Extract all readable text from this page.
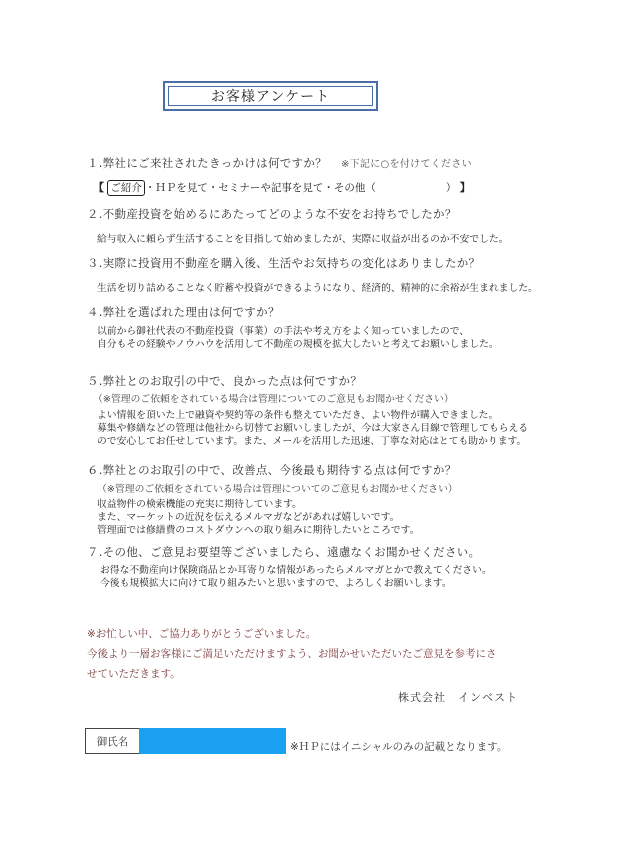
お客様アンケート
１.弊社にご来社されたきっかけは何ですか？ ※下記に○を付けてください
【 ご紹介 ・ＨＰを見て・セミナーや記事を見て・その他（	） 】
２.不動産投資を始めるにあたってどのような不安をお持ちでしたか？
給与収入に頼らず生活することを目指して始めましたが、実際に収益が出るのか不安でした。
３.実際に投資用不動産を購入後、生活やお気持ちの変化はありましたか？
生活を切り詰めることなく貯蓄や投資ができるようになり、経済的、精神的に余裕が生まれました。
４.弊社を選ばれた理由は何ですか？
以前から御社代表の不動産投資（事業）の手法や考え方をよく知っていましたので、
自分もその経験やノウハウを活用して不動産の規模を拡大したいと考えてお願いしました。
５.弊社とのお取引の中で、良かった点は何ですか？
（※管理のご依頼をされている場合は管理についてのご意見もお聞かせください）
よい情報を頂いた上で融資や契約等の条件も整えていただき、よい物件が購入できました。
募集や修繕などの管理は他社から切替てお願いしましたが、今は大家さん目線で管理してもらえる
ので安心してお任せしています。また、メールを活用した迅速、丁寧な対応はとても助かります。
６.弊社とのお取引の中で、改善点、今後最も期待する点は何ですか？
（※管理のご依頼をされている場合は管理についてのご意見もお聞かせください）
収益物件の検索機能の充実に期待しています。
また、マーケットの近況を伝えるメルマガなどがあれば嬉しいです。
管理面では修繕費のコストダウンへの取り組みに期待したいところです。
７.その他、ご意見お要望等ございましたら、遠慮なくお聞かせください。
お得な不動産向け保険商品とか耳寄りな情報があったらメルマガとかで教えてください。
今後も規模拡大に向けて取り組みたいと思いますので、よろしくお願いします。
※お忙しい中、ご協力ありがとうございました。
今後より一層お客様にご満足いただけますよう、お聞かせいただいたご意見を参考にさ
せていただきます。
株式会社　インベスト
御氏名	※ＨＰにはイニシャルのみの記載となります。
